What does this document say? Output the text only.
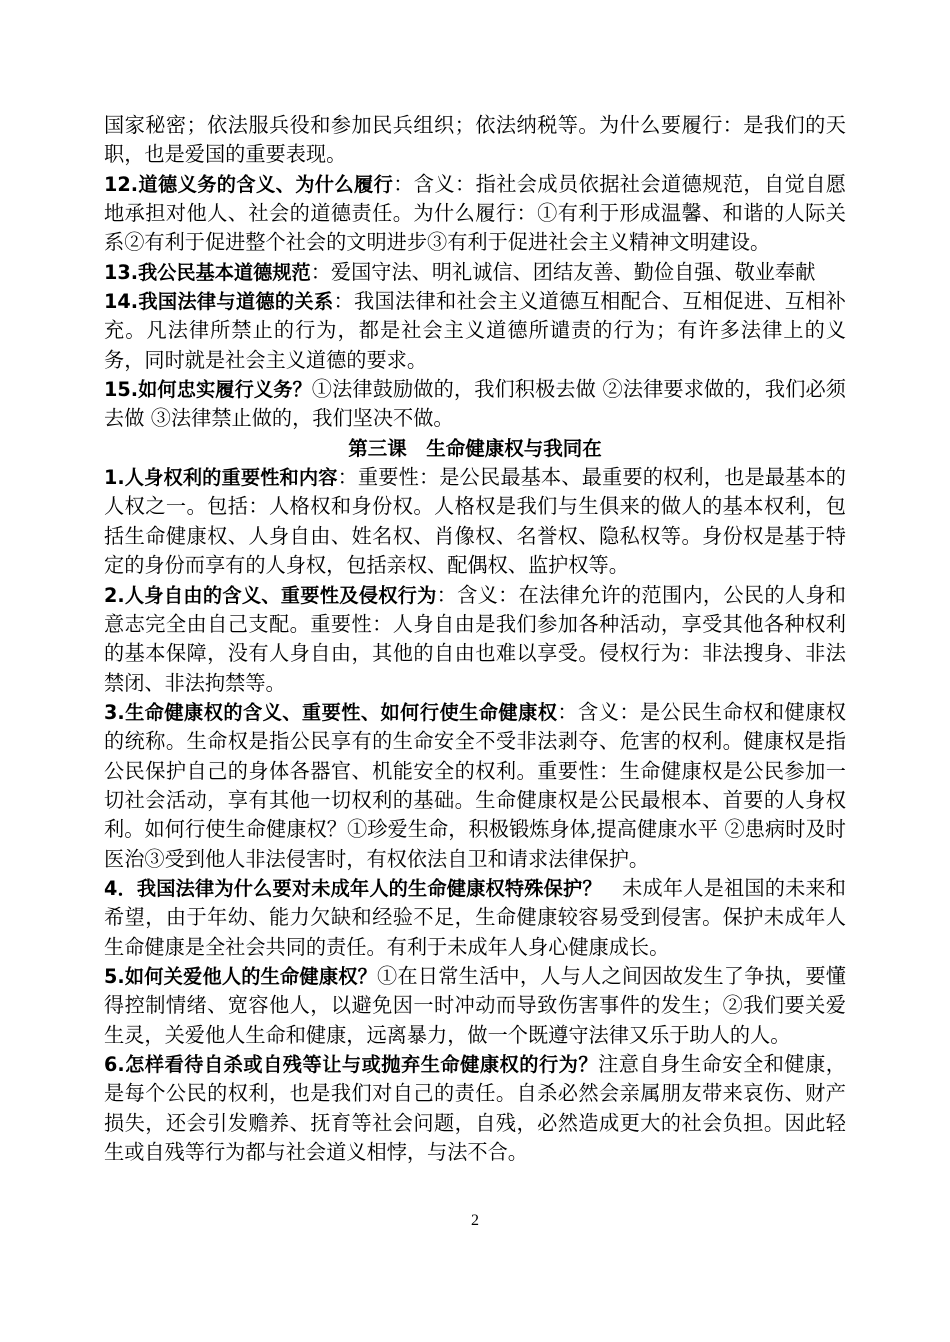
国家秘密；依法服兵役和参加民兵组织；依法纳税等。为什么要履行：是我们的天职，也是爱国的重要表现。

12.道德义务的含义、为什么履行：含义：指社会成员依据社会道德规范，自觉自愿地承担对他人、社会的道德责任。为什么履行：①有利于形成温馨、和谐的人际关系②有利于促进整个社会的文明进步③有利于促进社会主义精神文明建设。

13.我公民基本道德规范：爱国守法、明礼诚信、团结友善、勤俭自强、敬业奉献

14.我国法律与道德的关系：我国法律和社会主义道德互相配合、互相促进、互相补充。凡法律所禁止的行为，都是社会主义道德所谴责的行为；有许多法律上的义务，同时就是社会主义道德的要求。

15.如何忠实履行义务？①法律鼓励做的，我们积极去做 ②法律要求做的，我们必须去做 ③法律禁止做的，我们坚决不做。

第三课　生命健康权与我同在

1.人身权利的重要性和内容：重要性：是公民最基本、最重要的权利，也是最基本的人权之一。包括：人格权和身份权。人格权是我们与生俱来的做人的基本权利，包括生命健康权、人身自由、姓名权、肖像权、名誉权、隐私权等。身份权是基于特定的身份而享有的人身权，包括亲权、配偶权、监护权等。

2.人身自由的含义、重要性及侵权行为：含义：在法律允许的范围内，公民的人身和意志完全由自己支配。重要性：人身自由是我们参加各种活动，享受其他各种权利的基本保障，没有人身自由，其他的自由也难以享受。侵权行为：非法搜身、非法禁闭、非法拘禁等。

3.生命健康权的含义、重要性、如何行使生命健康权：含义：是公民生命权和健康权的统称。生命权是指公民享有的生命安全不受非法剥夺、危害的权利。健康权是指公民保护自己的身体各器官、机能安全的权利。重要性：生命健康权是公民参加一切社会活动，享有其他一切权利的基础。生命健康权是公民最根本、首要的人身权利。如何行使生命健康权？①珍爱生命，积极锻炼身体,提高健康水平 ②患病时及时医治③受到他人非法侵害时，有权依法自卫和请求法律保护。

4．我国法律为什么要对未成年人的生命健康权特殊保护？　未成年人是祖国的未来和希望，由于年幼、能力欠缺和经验不足，生命健康较容易受到侵害。保护未成年人生命健康是全社会共同的责任。有利于未成年人身心健康成长。

5.如何关爱他人的生命健康权？①在日常生活中，人与人之间因故发生了争执，要懂得控制情绪、宽容他人，以避免因一时冲动而导致伤害事件的发生；②我们要关爱生灵，关爱他人生命和健康，远离暴力，做一个既遵守法律又乐于助人的人。

6.怎样看待自杀或自残等让与或抛弃生命健康权的行为？注意自身生命安全和健康，是每个公民的权利，也是我们对自己的责任。自杀必然会亲属朋友带来哀伤、财产损失，还会引发赡养、抚育等社会问题，自残，必然造成更大的社会负担。因此轻生或自残等行为都与社会道义相悖，与法不合。

2
